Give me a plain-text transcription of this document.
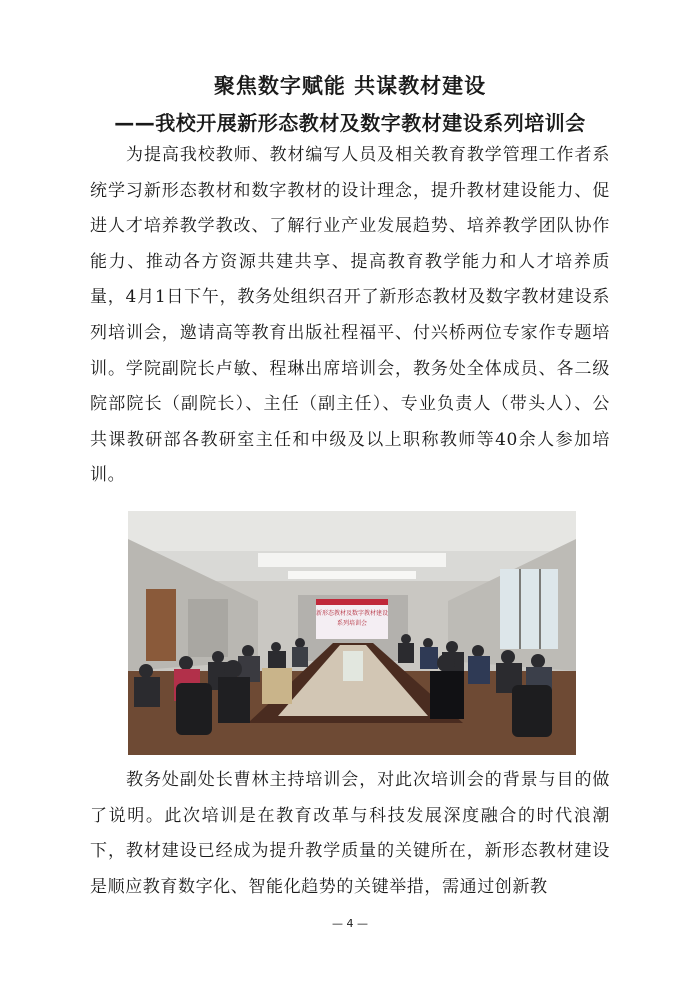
聚焦数字赋能 共谋教材建设
——我校开展新形态教材及数字教材建设系列培训会

为提高我校教师、教材编写人员及相关教育教学管理工作者系统学习新形态教材和数字教材的设计理念，提升教材建设能力、促进人才培养教学教改、了解行业产业发展趋势、培养教学团队协作能力、推动各方资源共建共享、提高教育教学能力和人才培养质量，4月1日下午，教务处组织召开了新形态教材及数字教材建设系列培训会，邀请高等教育出版社程福平、付兴桥两位专家作专题培训。学院副院长卢敏、程琳出席培训会，教务处全体成员、各二级院部院长（副院长）、主任（副主任）、专业负责人（带头人）、公共课教研部各教研室主任和中级及以上职称教师等40余人参加培训。

新形态教材及数字教材建设
系列培训会

教务处副处长曹林主持培训会，对此次培训会的背景与目的做了说明。此次培训是在教育改革与科技发展深度融合的时代浪潮下，教材建设已经成为提升教学质量的关键所在，新形态教材建设是顺应教育数字化、智能化趋势的关键举措，需通过创新教

— 4 —
